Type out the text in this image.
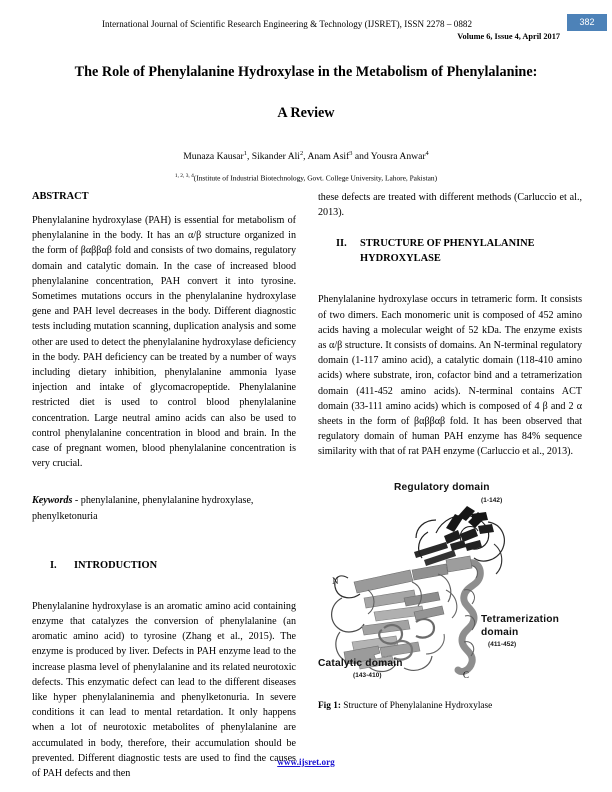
International Journal of Scientific Research Engineering & Technology (IJSRET), ISSN 2278 – 0882
Volume 6, Issue 4, April 2017
382
The Role of Phenylalanine Hydroxylase in the Metabolism of Phenylalanine:
A Review
Munaza Kausar$^1$, Sikander Ali$^2$, Anam Asif$^3$ and Yousra Anwar$^4$
$^{1, 2, 3, 4}$(Institute of Industrial Biotechnology, Govt. College University, Lahore, Pakistan)
ABSTRACT

Phenylalanine hydroxylase (PAH) is essential for metabolism of phenylalanine in the body. It has an α/β structure organized in the form of βαββαβ fold and consists of two domains, regulatory domain and catalytic domain. In the case of increased blood phenylalanine concentration, PAH convert it into tyrosine. Sometimes mutations occurs in the phenylalanine hydroxylase gene and PAH level decreases in the body. Different diagnostic tests including mutation scanning, duplication analysis and some other are used to detect the phenylalanine hydroxylase deficiency in the body. PAH deficiency can be treated by a number of ways including dietary inhibition, phenylalanine ammonia lyase injection and intake of glycomacropeptide. Phenylalanine restricted diet is used to control blood phenylalanine concentration. Large neutral amino acids can also be used to control phenylalanine concentration in blood and brain. In the case of pregnant women, blood phenylalanine concentration is very crucial.

Keywords - phenylalanine, phenylalanine hydroxylase, phenylketonuria
I.	INTRODUCTION

Phenylalanine hydroxylase is an aromatic amino acid containing enzyme that catalyzes the conversion of phenylalanine (an aromatic amino acid) to tyrosine (Zhang et al., 2015). The enzyme is produced by liver. Defects in PAH enzyme lead to the increase plasma level of phenylalanine and its related neurotoxic defects. This enzymatic defect can lead to the different diseases like hyper phenylalaninemia and phenylketonuria. In severe conditions it can lead to mental retardation. It only happens when a lot of neurotoxic metabolites of phenylalanine are accumulated in body, therefore, their accumulation should be prevented. Different diagnostic tests are used to find the causes of PAH defects and then

these defects are treated with different methods (Carluccio et al., 2013).

II.	STRUCTURE OF PHENYLALANINE HYDROXYLASE

Phenylalanine hydroxylase occurs in tetrameric form. It consists of two dimers. Each monomeric unit is composed of 452 amino acids having a molecular weight of 52 kDa. The enzyme exists as α/β structure. It consists of domains. An N-terminal regulatory domain (1-117 amino acid), a catalytic domain (118-410 amino acids) where substrate, iron, cofactor bind and a tetramerization domain (411-452 amino acids). N-terminal contains ACT domain (33-111 amino acids) which is composed of 4 β and 2 α sheets in the form of βαββαβ fold. It has been observed that regulatory domain of human PAH enzyme has 84% sequence similarity with that of rat PAH enzyme (Carluccio et al., 2013).

N
C
Regulatory domain
(1-142)
Catalytic domain
(143-410)
Tetramerization
domain
(411-452)
Fig 1: Structure of Phenylalanine Hydroxylase
www.ijsret.org
